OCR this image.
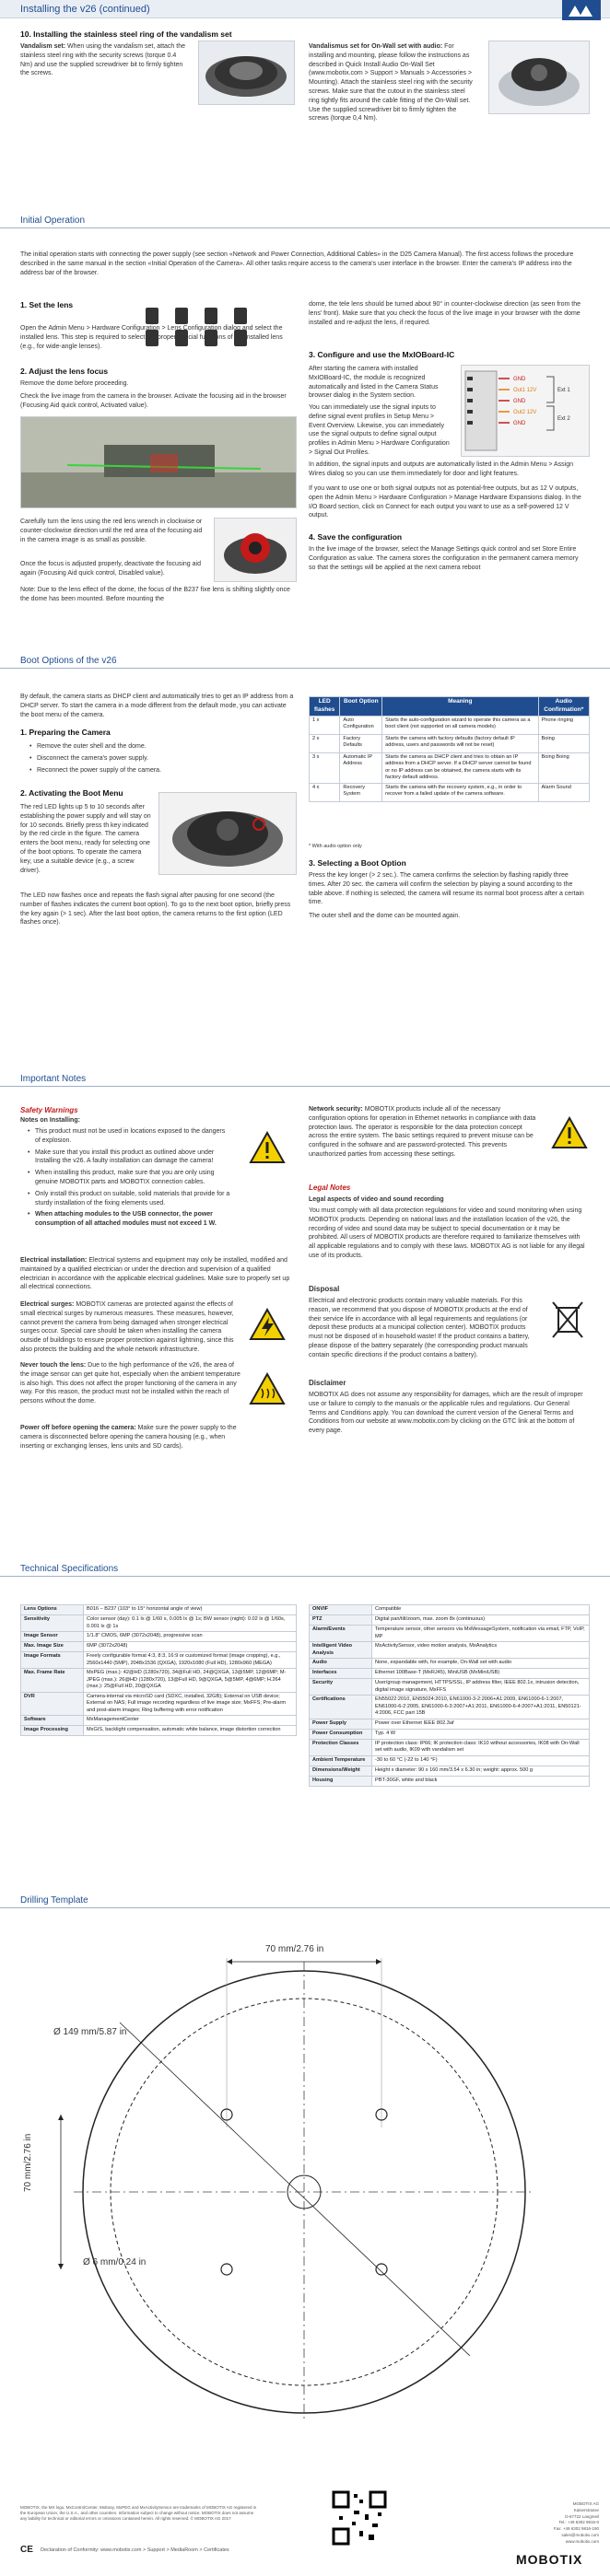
Installing the v26 (continued)
10. Installing the stainless steel ring of the vandalism set
Vandalism set: When using the vandalism set, attach the stainless steel ring with the security screws (torque 0.4 Nm) and use the supplied screwdriver bit to firmly tighten the screws.
Vandalismus set for On-Wall set with audio: For installing and mounting, please follow the instructions as described in Quick Install Audio On-Wall Set (www.mobotix.com > Support > Manuals > Accessories > Mounting). Attach the stainless steel ring with the security screws. Make sure that the cutout in the stainless steel ring tightly fits around the cable fitting of the On-Wall set. Use the supplied screwdriver bit to firmly tighten the screws (torque 0,4 Nm).
Initial Operation
The initial operation starts with connecting the power supply (see section «Network and Power Connection, Additional Cables» in the D25 Camera Manual). The first access follows the procedure described in the same manual in the section «Initial Operation of the Camera». All other tasks require access to the camera's user interface in the browser. Enter the camera's IP address into the address bar of the browser.
1. Set the lens
Open the Admin Menu > Hardware Configuration > Lens Configuration dialog and select the installed lens. This step is required to select the proper special functions of the installed lens (e.g., for wide-angle lenses).
2. Adjust the lens focus
Remove the dome before proceeding.
Check the live image from the camera in the browser. Activate the focusing aid in the browser (Focusing Aid quick control, Activated value).
Carefully turn the lens using the red lens wrench in clockwise or counter-clockwise direction until the red area of the focusing aid in the camera image is as small as possible.
Once the focus is adjusted properly, deactivate the focusing aid again (Focusing Aid quick control, Disabled value).
Note: Due to the lens effect of the dome, the focus of the B237 fixe lens is shifting slightly once the dome has been mounted. Before mounting the
dome, the tele lens should be turned about 90° in counter-clockwise direction (as seen from the lens' front). Make sure that you check the focus of the live image in your browser with the dome installed and re-adjust the lens, if required.
3. Configure and use the MxIOBoard-IC
After starting the camera with installed MxIOBoard-IC, the module is recognized automatically and listed in the Camera Status browser dialog in the System section.
You can immediately use the signal inputs to define signal event profiles in Setup Menu > Event Overview. Likewise, you can immediately use the signal outputs to define signal output profiles in Admin Menu > Hardware Configuration > Signal Out Profiles.
GND
Out1 12V
GND
Out2 12V
GND
Ext 1
Ext 2
In addition, the signal inputs and outputs are automatically listed in the Admin Menu > Assign Wires dialog so you can use them immediately for door and light features.
If you want to use one or both signal outputs not as potential-free outputs, but as 12 V outputs, open the Admin Menu > Hardware Configuration > Manage Hardware Expansions dialog. In the I/O Board section, click on Connect for each output you want to use as a self-powered 12 V output.
4. Save the configuration
In the live image of the browser, select the Manage Settings quick control and set Store Entire Configuration as value. The camera stores the configuration in the permanent camera memory so that the settings will be applied at the next camera reboot
Boot Options of the v26
By default, the camera starts as DHCP client and automatically tries to get an IP address from a DHCP server. To start the camera in a mode different from the default mode, you can activate the boot menu of the camera.
1. Preparing the Camera
• Remove the outer shell and the dome.
• Disconnect the camera's power supply.
• Reconnect the power supply of the camera.
2. Activating the Boot Menu
The red LED lights up 5 to 10 seconds after establishing the power supply and will stay on for 10 seconds. Briefly press th key indicated by the red circle in the figure. The camera enters the boot menu, ready for selecting one of the boot options. To operate the camera key, use a suitable device (e.g., a screw driver).
The LED now flashes once and repeats the flash signal after pausing for one second (the number of flashes indicates the current boot option). To go to the next boot option, briefly press the key again (> 1 sec). After the last boot option, the camera returns to the first option (LED flashes once).
LED flashes	Boot Option	Meaning	Audio Confirmation*
1 x	Auto Configuration	Starts the auto-configuration wizard to operate this camera as a boot client (not supported on all camera models)	Phone ringing
2 x	Factory Defaults	Starts the camera with factory defaults (factory default IP address, users and passwords will not be reset)	Boing
3 x	Automatic IP Address	Starts the camera as DHCP client and tries to obtain an IP address from a DHCP server. If a DHCP server cannot be found or no IP address can be obtained, the camera starts with its factory default address.	Boing Boing
4 x	Recovery System	Starts the camera with the recovery system, e.g., in order to recover from a failed update of the camera software.	Alarm Sound
* With audio option only
3. Selecting a Boot Option
Press the key longer (> 2 sec.). The camera confirms the selection by flashing rapidly three times. After 20 sec. the camera will confirm the selection by playing a sound according to the table above. If nothing is selected, the camera will resume its normal boot process after a certain time.
The outer shell and the dome can be mounted again.
Important Notes
Safety Warnings
Notes on Installing:
• This product must not be used in locations exposed to the dangers of explosion.
• Make sure that you install this product as outlined above under Installing the v26. A faulty installation can damage the camera!
• When installing this product, make sure that you are only using genuine MOBOTIX parts and MOBOTIX connection cables.
• Only install this product on suitable, solid materials that provide for a sturdy installation of the fixing elements used.
• When attaching modules to the USB connector, the power consumption of all attached modules must not exceed 1 W.
Electrical installation: Electrical systems and equipment may only be installed, modified and maintained by a qualified electrician or under the direction and supervision of a qualified electrician in accordance with the applicable electrical guidelines. Make sure to properly set up all electrical connections.
Electrical surges: MOBOTIX cameras are protected against the effects of small electrical surges by numerous measures. These measures, however, cannot prevent the camera from being damaged when stronger electrical surges occur. Special care should be taken when installing the camera outside of buildings to ensure proper protection against lightning, since this also protects the building and the whole network infrastructure.
Never touch the lens: Due to the high performance of the v26, the area of the image sensor can get quite hot, especially when the ambient temperature is also high. This does not affect the proper functioning of the camera in any way. For this reason, the product must not be installed within the reach of persons without the dome.
Power off before opening the camera: Make sure the power supply to the camera is disconnected before opening the camera housing (e.g., when inserting or exchanging lenses, lens units and SD cards).
Network security: MOBOTIX products include all of the necessary configuration options for operation in Ethernet networks in compliance with data protection laws. The operator is responsible for the data protection concept across the entire system. The basic settings required to prevent misuse can be configured in the software and are password-protected. This prevents unauthorized parties from accessing these settings.
Legal Notes
Legal aspects of video and sound recording
You must comply with all data protection regulations for video and sound monitoring when using MOBOTIX products. Depending on national laws and the installation location of the v26, the recording of video and sound data may be subject to special documentation or it may be prohibited. All users of MOBOTIX products are therefore required to familiarize themselves with all applicable regulations and to comply with these laws. MOBOTIX AG is not liable for any illegal use of its products.
Disposal
Electrical and electronic products contain many valuable materials. For this reason, we recommend that you dispose of MOBOTIX products at the end of their service life in accordance with all legal requirements and regulations (or deposit these products at a municipal collection center). MOBOTIX products must not be disposed of in household waste! If the product contains a battery, please dispose of the battery separately (the corresponding product manuals contain specific directions if the product contains a battery).
Disclaimer
MOBOTIX AG does not assume any responsibility for damages, which are the result of improper use or failure to comply to the manuals or the applicable rules and regulations. Our General Terms and Conditions apply. You can download the current version of the General Terms and Conditions from our website at www.mobotix.com by clicking on the GTC link at the bottom of every page.
Technical Specifications
Lens Options	B016 – B237 (103° to 15° horizontal angle of view)
Sensitivity	Color sensor (day): 0.1 lx @ 1/60 s, 0.005 lx @ 1s; BW sensor (night): 0.02 lx @ 1/60s, 0.001 lx @ 1s
Image Sensor	1/1.8" CMOS, 6MP (3072x2048), progressive scan
Max. Image Size	6MP (3072x2048)
Image Formats	Freely configurable format 4:3, 8:3, 16:9 or customized format (image cropping), e.g., 2560x1440 (5MP), 2048x1536 (QXGA), 1920x1080 (Full HD), 1280x960 (MEGA)
Max. Frame Rate	MxPEG (max.): 42@HD (1280x720), 34@Full HD, 24@QXGA, 13@5MP, 12@6MP; M-JPEG (max.): 26@HD (1280x720), 13@Full HD, 9@QXGA, 5@5MP, 4@6MP; H.264 (max.): 25@Full HD, 20@QXGA
DVR	Camera-internal via microSD card (SDXC, installed, 32GB); External on USB device; External on NAS; Full image recording regardless of live image size; MxFFS; Pre-alarm and post-alarm images; Ring buffering with error notification
Software	MxManagementCenter
Image Processing	MxGIS, backlight compensation, automatic white balance, image distortion correction
ONVIF	Compatible
PTZ	Digital pan/tilt/zoom, max. zoom 8x (continuous)
Alarm/Events	Temperature sensor, other sensors via MxMessageSystem, notification via email, FTP, VoIP, MP
Intelligent Video Analysis	MxActivitySensor, video motion analysis, MxAnalytics
Audio	None, expandable with, for example, On-Wall set with audio
Interfaces	Ethernet 100Base-T (MxRJ45), MiniUSB (MxMiniUSB)
Security	User/group management, HTTPS/SSL, IP address filter, IEEE 802.1x, intrusion detection, digital image signature, MxFFS
Certifications	EN55022:2010, EN55024:2010, EN61000-3-2:2006+A1:2009, EN61000-6-1:2007, EN61000-6-2:2005, EN61000-6-3:2007+A1:2011, EN61000-6-4:2007+A1:2011, EN50121-4:2006, FCC part 15B
Power Supply	Power over Ethernet IEEE 802.3af
Power Consumption	Typ. 4 W
Protection Classes	IP protection class: IP66; IK protection class: IK10 without accessories, IK08 with On-Wall set with audio, IK09 with vandalism set
Ambient Temperature	-30 to 60 °C (-22 to 140 °F)
Dimensions/Weight	Height x diameter: 90 x 160 mm/3.54 x 6.30 in; weight: approx. 500 g
Housing	PBT-30GF, white and black
Drilling Template
70 mm/2.76 in
Ø 149 mm/5.87 in
70 mm/2.76 in
Ø 6 mm/0.24 in
MOBOTIX, the MX logo, MxControlCenter, MxEasy, MxPEG and MxActivitySensor are trademarks of MOBOTIX AG registered in the European Union, the U.S.A., and other countries. Information subject to change without notice. MOBOTIX does not assume any liability for technical or editorial errors or omissions contained herein. All rights reserved. © MOBOTIX AG 2017
CE	Declaration of Conformity: www.mobotix.com > Support > MediaRoom > Certificates
MOBOTIX AG
Kaiserstrasse
D-67722 Langmeil
Tel.: +49 6302 9816-0
Fax: +49 6302 9816-190
sales@mobotix.com
www.mobotix.com
MOBOTIX
